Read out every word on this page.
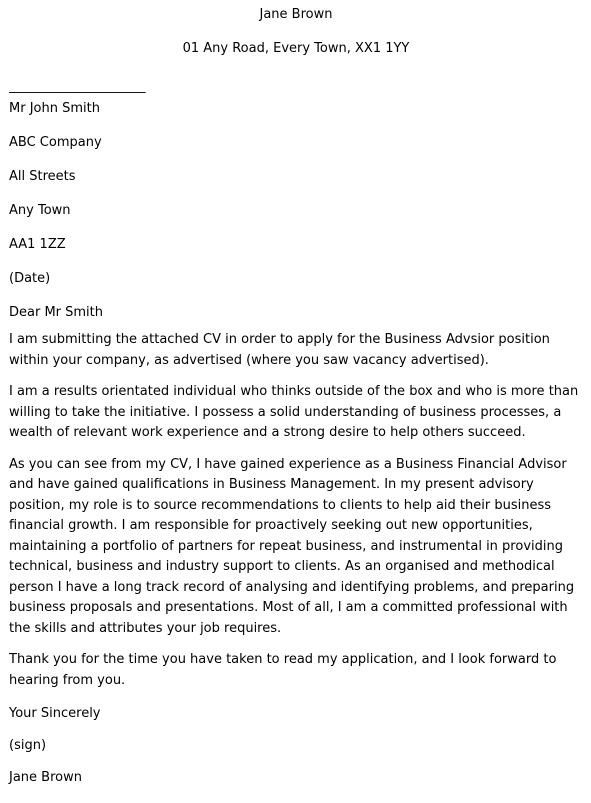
Jane Brown
01 Any Road, Every Town, XX1 1YY
_____________________
Mr John Smith
ABC Company
All Streets
Any Town
AA1 1ZZ
(Date)
Dear Mr Smith
I am submitting the attached CV in order to apply for the Business Advsior position within your company, as advertised (where you saw vacancy advertised).
I am a results orientated individual who thinks outside of the box and who is more than willing to take the initiative. I possess a solid understanding of business processes, a wealth of relevant work experience and a strong desire to help others succeed.
As you can see from my CV, I have gained experience as a Business Financial Advisor and have gained qualifications in Business Management. In my present advisory position, my role is to source recommendations to clients to help aid their business financial growth. I am responsible for proactively seeking out new opportunities, maintaining a portfolio of partners for repeat business, and instrumental in providing technical, business and industry support to clients. As an organised and methodical person I have a long track record of analysing and identifying problems, and preparing business proposals and presentations. Most of all, I am a committed professional with the skills and attributes your job requires.
Thank you for the time you have taken to read my application, and I look forward to hearing from you.
Your Sincerely
(sign)
Jane Brown
